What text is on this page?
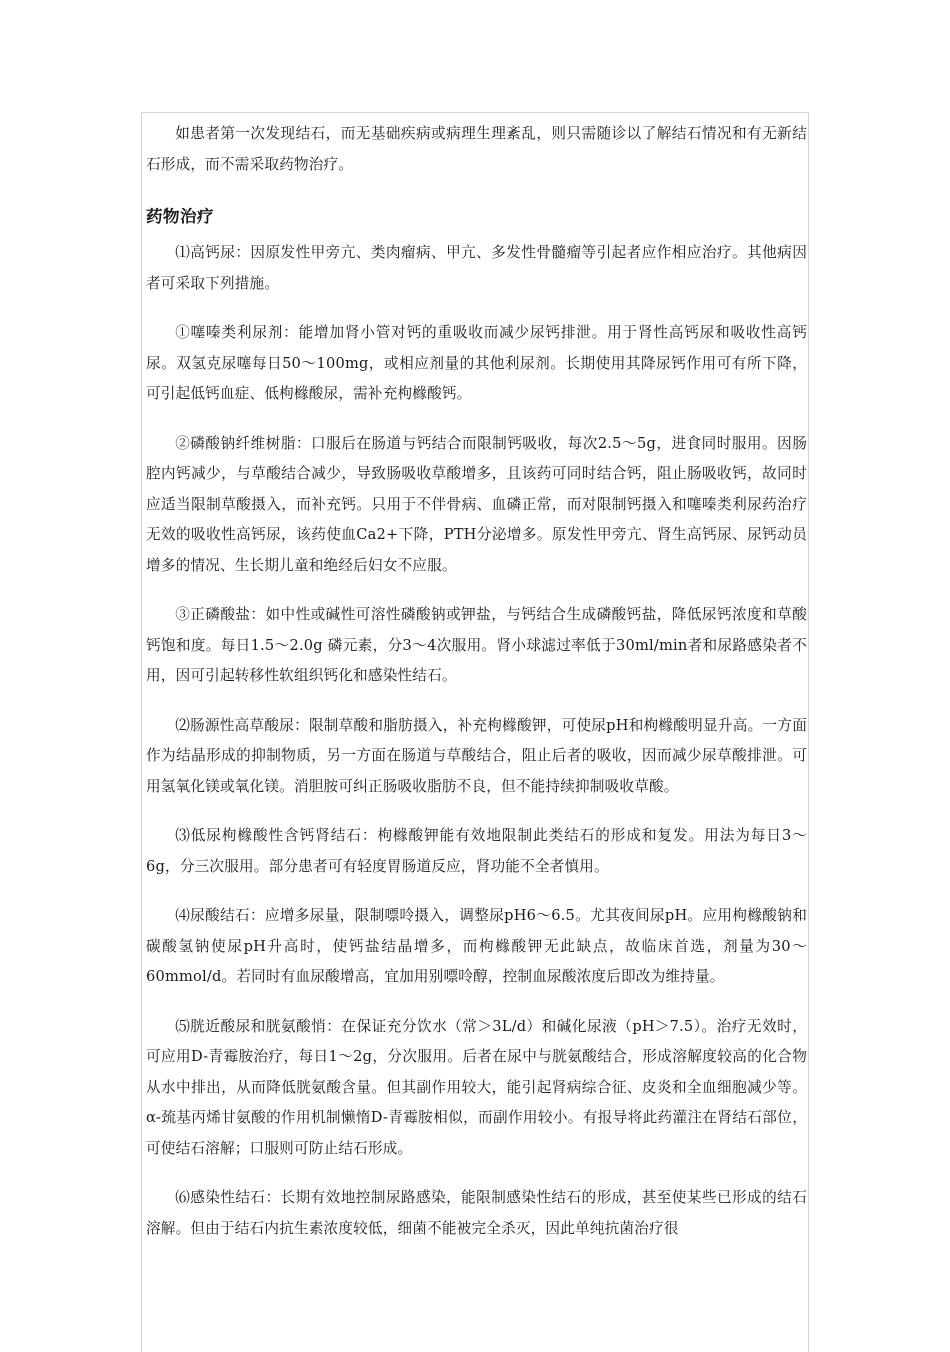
如患者第一次发现结石，而无基础疾病或病理生理紊乱，则只需随诊以了解结石情况和有无新结石形成，而不需采取药物治疗。

药物治疗

⑴高钙尿：因原发性甲旁亢、类肉瘤病、甲亢、多发性骨髓瘤等引起者应作相应治疗。其他病因者可采取下列措施。

①噻嗪类利尿剂：能增加肾小管对钙的重吸收而减少尿钙排泄。用于肾性高钙尿和吸收性高钙尿。双氢克尿噻每日50～100mg，或相应剂量的其他利尿剂。长期使用其降尿钙作用可有所下降，可引起低钙血症、低枸橼酸尿，需补充枸橼酸钙。

②磷酸钠纤维树脂：口服后在肠道与钙结合而限制钙吸收，每次2.5～5g，进食同时服用。因肠腔内钙减少，与草酸结合减少，导致肠吸收草酸增多，且该药可同时结合钙，阻止肠吸收钙，故同时应适当限制草酸摄入，而补充钙。只用于不伴骨病、血磷正常，而对限制钙摄入和噻嗪类利尿药治疗无效的吸收性高钙尿，该药使血Ca2+下降，PTH分泌增多。原发性甲旁亢、肾生高钙尿、尿钙动员增多的情况、生长期儿童和绝经后妇女不应服。

③正磷酸盐：如中性或碱性可溶性磷酸钠或钾盐，与钙结合生成磷酸钙盐，降低尿钙浓度和草酸钙饱和度。每日1.5～2.0g 磷元素，分3～4次服用。肾小球滤过率低于30ml/min者和尿路感染者不用，因可引起转移性软组织钙化和感染性结石。

⑵肠源性高草酸尿：限制草酸和脂肪摄入，补充枸橼酸钾，可使尿pH和枸橼酸明显升高。一方面作为结晶形成的抑制物质，另一方面在肠道与草酸结合，阻止后者的吸收，因而减少尿草酸排泄。可用氢氧化镁或氧化镁。消胆胺可纠正肠吸收脂肪不良，但不能持续抑制吸收草酸。

⑶低尿枸橼酸性含钙肾结石：枸橼酸钾能有效地限制此类结石的形成和复发。用法为每日3～6g，分三次服用。部分患者可有轻度胃肠道反应，肾功能不全者慎用。

⑷尿酸结石：应增多尿量，限制嘌呤摄入，调整尿pH6～6.5。尤其夜间尿pH。应用枸橼酸钠和碳酸氢钠使尿pH升高时，使钙盐结晶增多，而枸橼酸钾无此缺点，故临床首选，剂量为30～60mmol/d。若同时有血尿酸增高，宜加用别嘌呤醇，控制血尿酸浓度后即改为维持量。

⑸胱近酸尿和胱氨酸悄：在保证充分饮水（常＞3L/d）和碱化尿液（pH＞7.5）。治疗无效时，可应用D-青霉胺治疗，每日1～2g，分次服用。后者在尿中与胱氨酸结合，形成溶解度较高的化合物从水中排出，从而降低胱氨酸含量。但其副作用较大，能引起肾病综合征、皮炎和全血细胞减少等。α-巯基丙烯甘氨酸的作用机制懒惰D-青霉胺相似，而副作用较小。有报导将此药灌注在肾结石部位，可使结石溶解；口服则可防止结石形成。

⑹感染性结石：长期有效地控制尿路感染，能限制感染性结石的形成，甚至使某些已形成的结石溶解。但由于结石内抗生素浓度较低，细菌不能被完全杀灭，因此单纯抗菌治疗很
